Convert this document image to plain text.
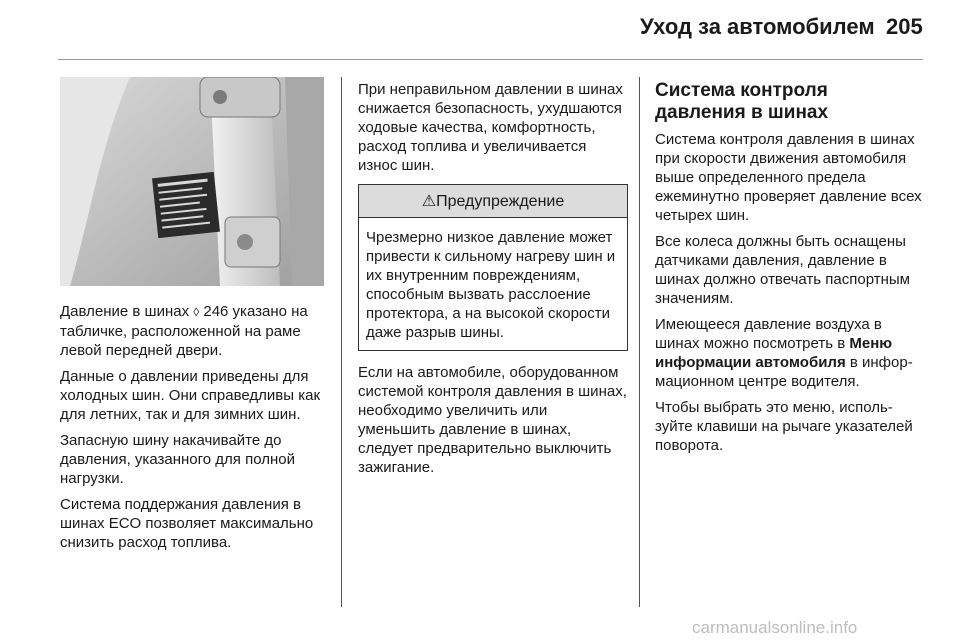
Уход за автомобилем 205

Давление в шинах ◊ 246 указано на табличке, расположенной на раме левой передней двери.

Данные о давлении приведены для холодных шин. Они справедливы как для летних, так и для зимних шин.

Запасную шину накачивайте до давления, указанного для полной нагрузки.

Система поддержания давления в шинах ECO позволяет максимально снизить расход топлива.

При неправильном давлении в шинах снижается безопасность, ухудшаются ходовые качества, комфортность, расход топлива и увеличивается износ шин.

⚠Предупреждение
Чрезмерно низкое давление может привести к сильному нагреву шин и их внутренним повреждениям, способным вызвать расслоение протектора, а на высокой скорости даже разрыв шины.

Если на автомобиле, оборудованном системой контроля давления в шинах, необходимо увеличить или уменьшить давление в шинах, следует предварительно выключить зажигание.

Система контроля давления в шинах

Система контроля давления в шинах при скорости движения автомобиля выше определенного предела ежеминутно проверяет давление всех четырех шин.

Все колеса должны быть оснащены датчиками давления, давление в шинах должно отвечать паспортным значениям.

Имеющееся давление воздуха в шинах можно посмотреть в Меню информации автомобиля в информационном центре водителя.

Чтобы выбрать это меню, используйте клавиши на рычаге указателей поворота.

carmanualsonline.info
